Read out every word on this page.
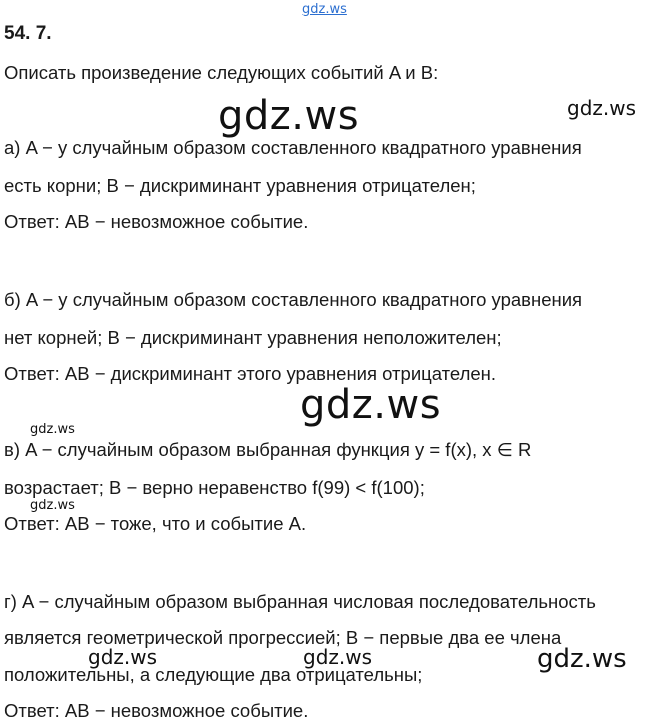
gdz.ws
54. 7.
Описать произведение следующих событий A и B:
gdz.ws	gdz.ws
а) A − у случайным образом составленного квадратного уравнения
есть корни; B − дискриминант уравнения отрицателен;
Ответ: AB − невозможное событие.
б) A − у случайным образом составленного квадратного уравнения
нет корней; B − дискриминант уравнения неположителен;
Ответ: AB − дискриминант этого уравнения отрицателен.
gdz.ws
gdz.ws
в) A − случайным образом выбранная функция y = f(x), x ∈ R
возрастает; B − верно неравенство f(99) < f(100);
gdz.ws
Ответ: AB − тоже, что и событие A.
г) A − случайным образом выбранная числовая последовательность
является геометрической прогрессией; B − первые два ее члена
gdz.ws	gdz.ws	gdz.ws
положительны, а следующие два отрицательны;
Ответ: AB − невозможное событие.
